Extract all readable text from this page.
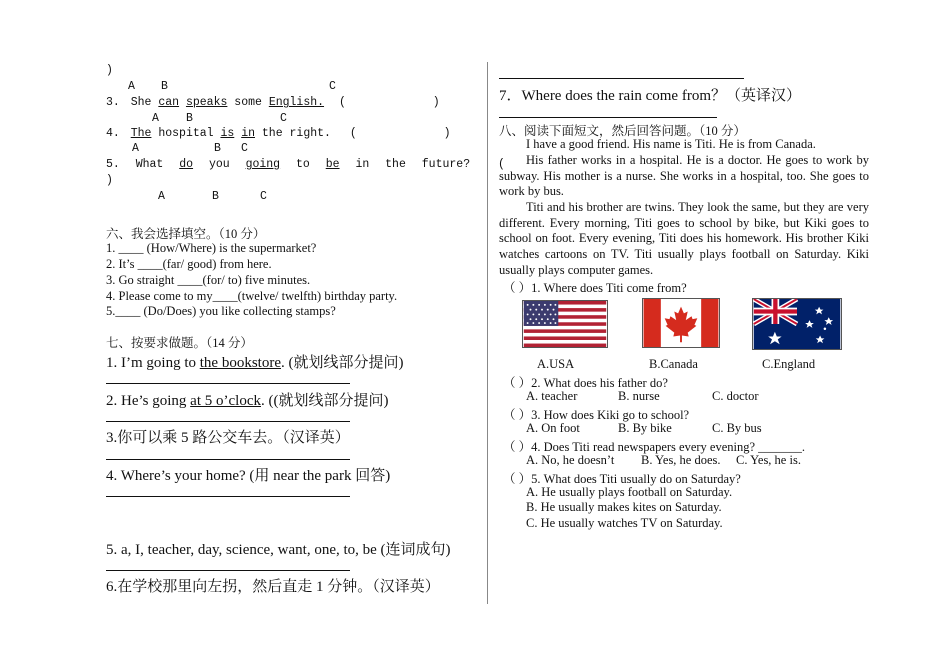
)
A B	C
3. She can speaks some English. (	)
A B	C
4. The hospital is in the right. (	)
A	B C
5. What do you going to be in the future? (
)
A	B	C
六、我会选择填空。（10 分）
1. ____ (How/Where) is the supermarket?
2. It’s ____(far/ good) from here.
3. Go straight ____(for/ to) five minutes.
4. Please come to my____(twelve/ twelfth) birthday party.
5.____ (Do/Does) you like collecting stamps?
七、按要求做题。（14 分）
1. I’m going to the bookstore. (就划线部分提问)
2. He’s going at 5 o’clock. ((就划线部分提问)
3.你可以乘 5 路公交车去。（汉译英）
4. Where’s your home? (用 near the park 回答)
5. a, I, teacher, day, science, want, one, to, be (连词成句)
6.在学校那里向左拐，然后直走 1 分钟。（汉译英）
7．Where does the rain come from？（英译汉）
八、阅读下面短文，然后回答问题。（10 分）
I have a good friend. His name is Titi. He is from Canada.
His father works in a hospital. He is a doctor. He goes to work by subway. His mother is a nurse. She works in a hospital, too. She goes to work by bus.
Titi and his brother are twins. They look the same, but they are very different. Every morning, Titi goes to school by bike, but Kiki goes to school on foot. Every evening, Titi does his homework. His brother Kiki watches cartoons on TV. Titi usually plays football on Saturday. Kiki usually plays computer games.
（ ）1. Where does Titi come from?
A.USA	B.Canada	C.England
（ ）2. What does his father do?
A. teacher	B. nurse	C. doctor
（ ）3. How does Kiki go to school?
A. On foot	B. By bike	C. By bus
（ ）4. Does Titi read newspapers every evening? _______.
A. No, he doesn’t B. Yes, he does. C. Yes, he is.
（ ）5. What does Titi usually do on Saturday?
A. He usually plays football on Saturday.
B. He usually makes kites on Saturday.
C. He usually watches TV on Saturday.
